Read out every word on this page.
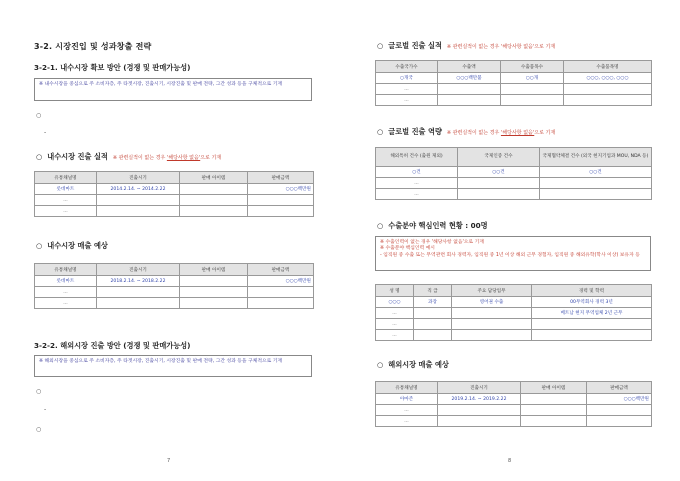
3-2. 시장진입 및 성과창출 전략
3-2-1. 내수시장 확보 방안 (경쟁 및 판매가능성)
※ 내수시장을 중심으로 주 소비자층, 주 타겟시장, 진출시기, 시장진출 및 판매 전략, 그간 성과 등을 구체적으로 기재
○
-
○ 내수시장 진출 실적 ※ 관련실적이 없는 경우 '해당사항 없음'으로 기재
유통채널명	진출시기	판매 아이템	판매금액
롯데마트	2014.2.14. ~ 2014.2.22		○○○백만원
...			
...			
○ 내수시장 매출 예상
유통채널명	진출시기	판매 아이템	판매금액
롯데마트	2018.2.14. ~ 2018.2.22		○○○백만원
...			
...			
3-2-2. 해외시장 진출 방안 (경쟁 및 판매가능성)
※ 해외시장을 중심으로 주 소비자층, 주 타겟시장, 진출시기, 시장진출 및 판매 전략, 그간 성과 등을 구체적으로 기재
○
-
○
7
○ 글로벌 진출 실적 ※ 관련실적이 없는 경우 '해당사항 없음'으로 기재
수출국가수	수출액	수출품목수	수출품목명
○개국	○○○백만불	○○개	○○○, ○○○, ○○○
...			
...			
○ 글로벌 진출 역량 ※ 관련실적이 없는 경우 '해당사항 없음'으로 기재
해외특허 건수 (출원 제외)	국제인증 건수	국제협약체결 건수 (외국 현지기업과 MOU, NDA 등)
○건	○○건	○○건
...		
...		
○ 수출분야 핵심인력 현황 : 00명
※ 수출인력이 없는 경우 '해당사항 없음'으로 기재
※ 수출분야 핵심인력 예시
- 입직원 중 수출 또는 무역관련 회사 경력자, 입직원 중 1년 이상 해외 근무 경험자, 입직원 중 해외유학(학사 이상) 보유자 등
성 명	직 급	주요 담당업무	경력 및 학력
○○○	과장	영어권 수출	00무역회사 경력 3년
...			베트남 현지 무역업체 2년 근무
...			
...			
○ 해외시장 매출 예상
유통채널명	진출시기	판매 아이템	판매금액
아마존	2019.2.14. ~ 2019.2.22		○○○백만원
...			
...			
8
